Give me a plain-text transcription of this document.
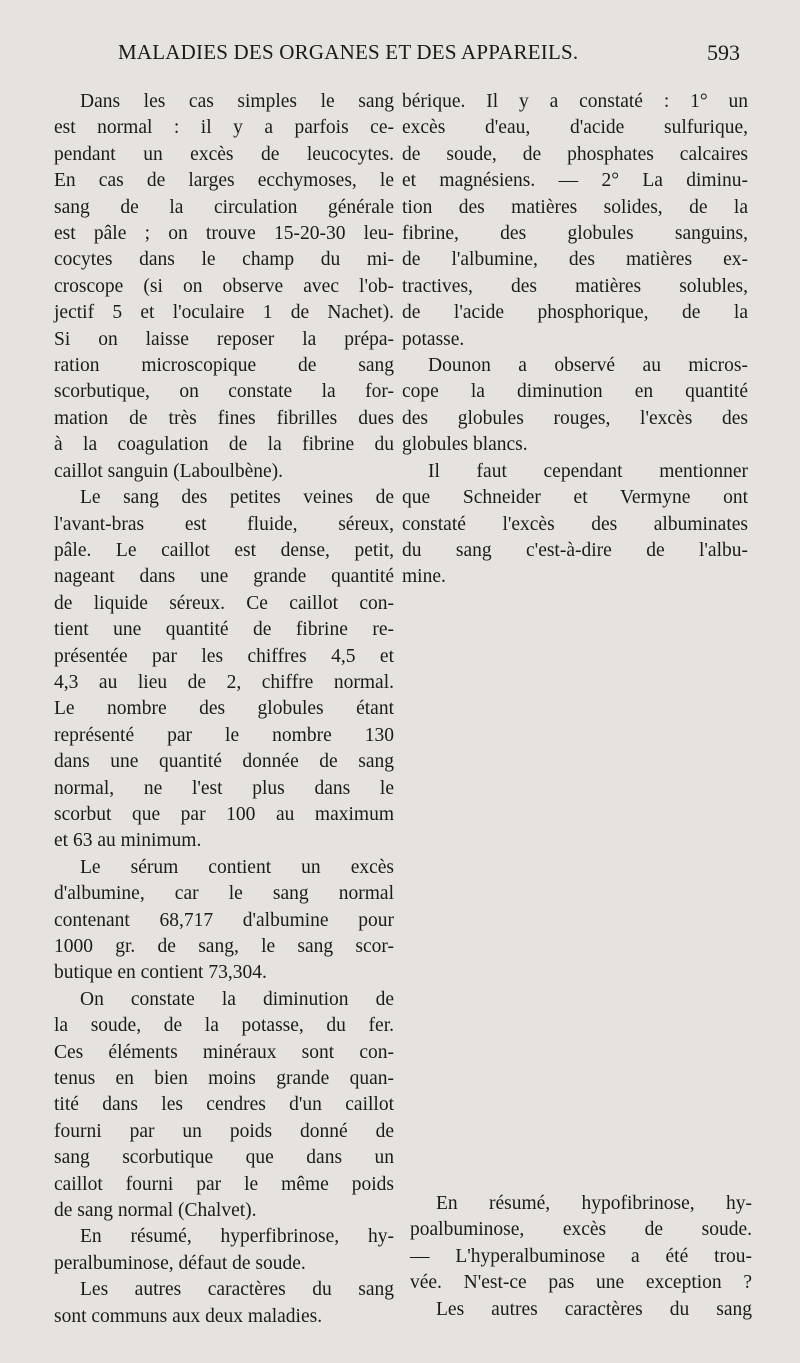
MALADIES DES ORGANES ET DES APPAREILS.	593
Dans les cas simples le sang
est normal : il y a parfois ce-
pendant un excès de leucocytes.
En cas de larges ecchymoses, le
sang de la circulation générale
est pâle ; on trouve 15-20-30 leu-
cocytes dans le champ du mi-
croscope (si on observe avec l'ob-
jectif 5 et l'oculaire 1 de Nachet).
Si on laisse reposer la prépa-
ration microscopique de sang
scorbutique, on constate la for-
mation de très fines fibrilles dues
à la coagulation de la fibrine du
caillot sanguin (Laboulbène).
Le sang des petites veines de
l'avant-bras est fluide, séreux,
pâle. Le caillot est dense, petit,
nageant dans une grande quantité
de liquide séreux. Ce caillot con-
tient une quantité de fibrine re-
présentée par les chiffres 4,5 et
4,3 au lieu de 2, chiffre normal.
Le nombre des globules étant
représenté par le nombre 130
dans une quantité donnée de sang
normal, ne l'est plus dans le
scorbut que par 100 au maximum
et 63 au minimum.
Le sérum contient un excès
d'albumine, car le sang normal
contenant 68,717 d'albumine pour
1000 gr. de sang, le sang scor-
butique en contient 73,304.
On constate la diminution de
la soude, de la potasse, du fer.
Ces éléments minéraux sont con-
tenus en bien moins grande quan-
tité dans les cendres d'un caillot
fourni par un poids donné de
sang scorbutique que dans un
caillot fourni par le même poids
de sang normal (Chalvet).
En résumé, hyperfibrinose, hy-
peralbuminose, défaut de soude.
Les autres caractères du sang
sont communs aux deux maladies.
bérique. Il y a constaté : 1° un
excès d'eau, d'acide sulfurique,
de soude, de phosphates calcaires
et magnésiens. — 2° La diminu-
tion des matières solides, de la
fibrine, des globules sanguins,
de l'albumine, des matières ex-
tractives, des matières solubles,
de l'acide phosphorique, de la
potasse.
Dounon a observé au micros-
cope la diminution en quantité
des globules rouges, l'excès des
globules blancs.
Il faut cependant mentionner
que Schneider et Vermyne ont
constaté l'excès des albuminates
du sang c'est-à-dire de l'albu-
mine.
En résumé, hypofibrinose, hy-
poalbuminose, excès de soude.
— L'hyperalbuminose a été trou-
vée. N'est-ce pas une exception ?
Les autres caractères du sang
